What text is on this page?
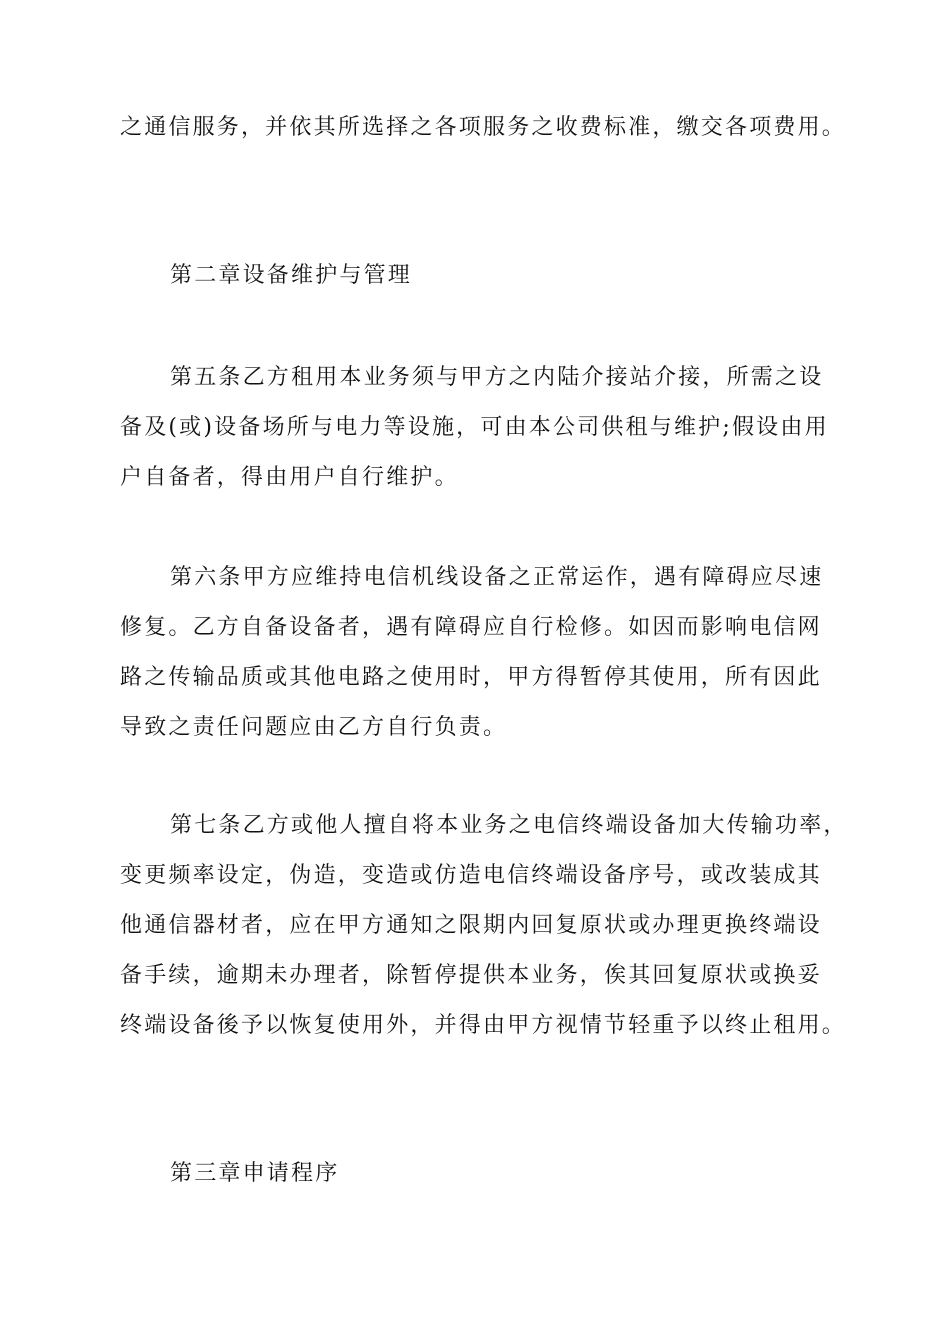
之通信服务，并依其所选择之各项服务之收费标准，缴交各项费用。
第二章设备维护与管理
第五条乙方租用本业务须与甲方之内陆介接站介接，所需之设
备及(或)设备场所与电力等设施，可由本公司供租与维护;假设由用
户自备者，得由用户自行维护。
第六条甲方应维持电信机线设备之正常运作，遇有障碍应尽速
修复。乙方自备设备者，遇有障碍应自行检修。如因而影响电信网
路之传输品质或其他电路之使用时，甲方得暂停其使用，所有因此
导致之责任问题应由乙方自行负责。
第七条乙方或他人擅自将本业务之电信终端设备加大传输功率，
变更频率设定，伪造，变造或仿造电信终端设备序号，或改装成其
他通信器材者，应在甲方通知之限期内回复原状或办理更换终端设
备手续，逾期未办理者，除暂停提供本业务，俟其回复原状或换妥
终端设备後予以恢复使用外，并得由甲方视情节轻重予以终止租用。
第三章申请程序
